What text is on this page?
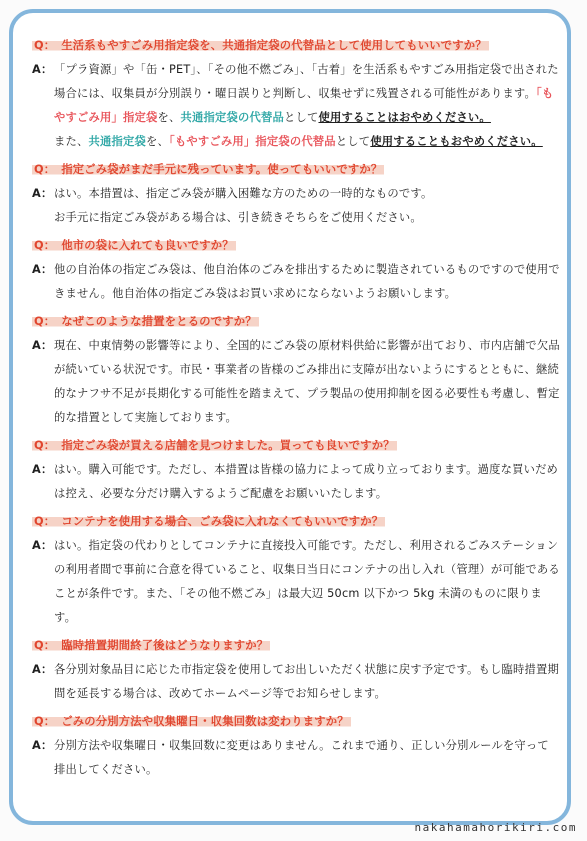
Q： 生活系もやすごみ用指定袋を、共通指定袋の代替品として使用してもいいですか？
A： 「プラ資源」や「缶・PET」、「その他不燃ごみ」、「古着」を生活系もやすごみ用指定袋で出された場合には、収集員が分別誤り・曜日誤りと判断し、収集せずに残置される可能性があります。「もやすごみ用」指定袋を、共通指定袋の代替品として使用することはおやめください。
また、共通指定袋を、「もやすごみ用」指定袋の代替品として使用することもおやめください。
Q： 指定ごみ袋がまだ手元に残っています。使ってもいいですか？
A： はい。本措置は、指定ごみ袋が購入困難な方のための一時的なものです。
お手元に指定ごみ袋がある場合は、引き続きそちらをご使用ください。
Q： 他市の袋に入れても良いですか？
A： 他の自治体の指定ごみ袋は、他自治体のごみを排出するために製造されているものですので使用できません。他自治体の指定ごみ袋はお買い求めにならないようお願いします。
Q： なぜこのような措置をとるのですか？
A： 現在、中東情勢の影響等により、全国的にごみ袋の原材料供給に影響が出ており、市内店舗で欠品が続いている状況です。市民・事業者の皆様のごみ排出に支障が出ないようにするとともに、継続的なナフサ不足が長期化する可能性を踏まえて、プラ製品の使用抑制を図る必要性も考慮し、暫定的な措置として実施しております。
Q： 指定ごみ袋が買える店舗を見つけました。買っても良いですか？
A： はい。購入可能です。ただし、本措置は皆様の協力によって成り立っております。過度な買いだめは控え、必要な分だけ購入するようご配慮をお願いいたします。
Q： コンテナを使用する場合、ごみ袋に入れなくてもいいですか？
A： はい。指定袋の代わりとしてコンテナに直接投入可能です。ただし、利用されるごみステーションの利用者間で事前に合意を得ていること、収集日当日にコンテナの出し入れ（管理）が可能であることが条件です。また、「その他不燃ごみ」は最大辺 50cm 以下かつ 5kg 未満のものに限ります。
Q： 臨時措置期間終了後はどうなりますか？
A： 各分別対象品目に応じた市指定袋を使用してお出しいただく状態に戻す予定です。もし臨時措置期間を延長する場合は、改めてホームページ等でお知らせします。
Q： ごみの分別方法や収集曜日・収集回数は変わりますか？
A： 分別方法や収集曜日・収集回数に変更はありません。これまで通り、正しい分別ルールを守って排出してください。
nakahamahorikiri.com
